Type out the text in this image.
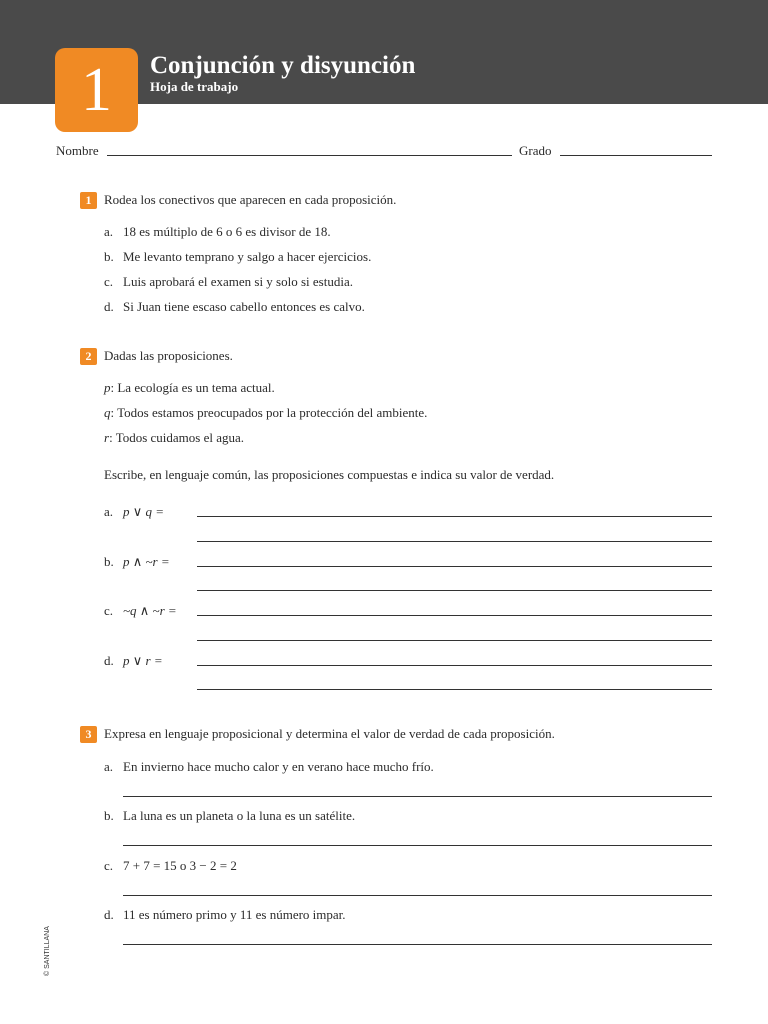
1	Conjunción y disyunción
Hoja de trabajo
Nombre	Grado
1 Rodea los conectivos que aparecen en cada proposición.
a. 18 es múltiplo de 6 o 6 es divisor de 18.
b. Me levanto temprano y salgo a hacer ejercicios.
c. Luis aprobará el examen si y solo si estudia.
d. Si Juan tiene escaso cabello entonces es calvo.
2 Dadas las proposiciones.
p: La ecología es un tema actual.
q: Todos estamos preocupados por la protección del ambiente.
r: Todos cuidamos el agua.
Escribe, en lenguaje común, las proposiciones compuestas e indica su valor de verdad.
a. p ∨ q =
b. p ∧ ~r =
c. ~q ∧ ~r =
d. p ∨ r =
3 Expresa en lenguaje proposicional y determina el valor de verdad de cada proposición.
a. En invierno hace mucho calor y en verano hace mucho frío.
b. La luna es un planeta o la luna es un satélite.
c. 7 + 7 = 15 o 3 − 2 = 2
d. 11 es número primo y 11 es número impar.
© SANTILLANA
